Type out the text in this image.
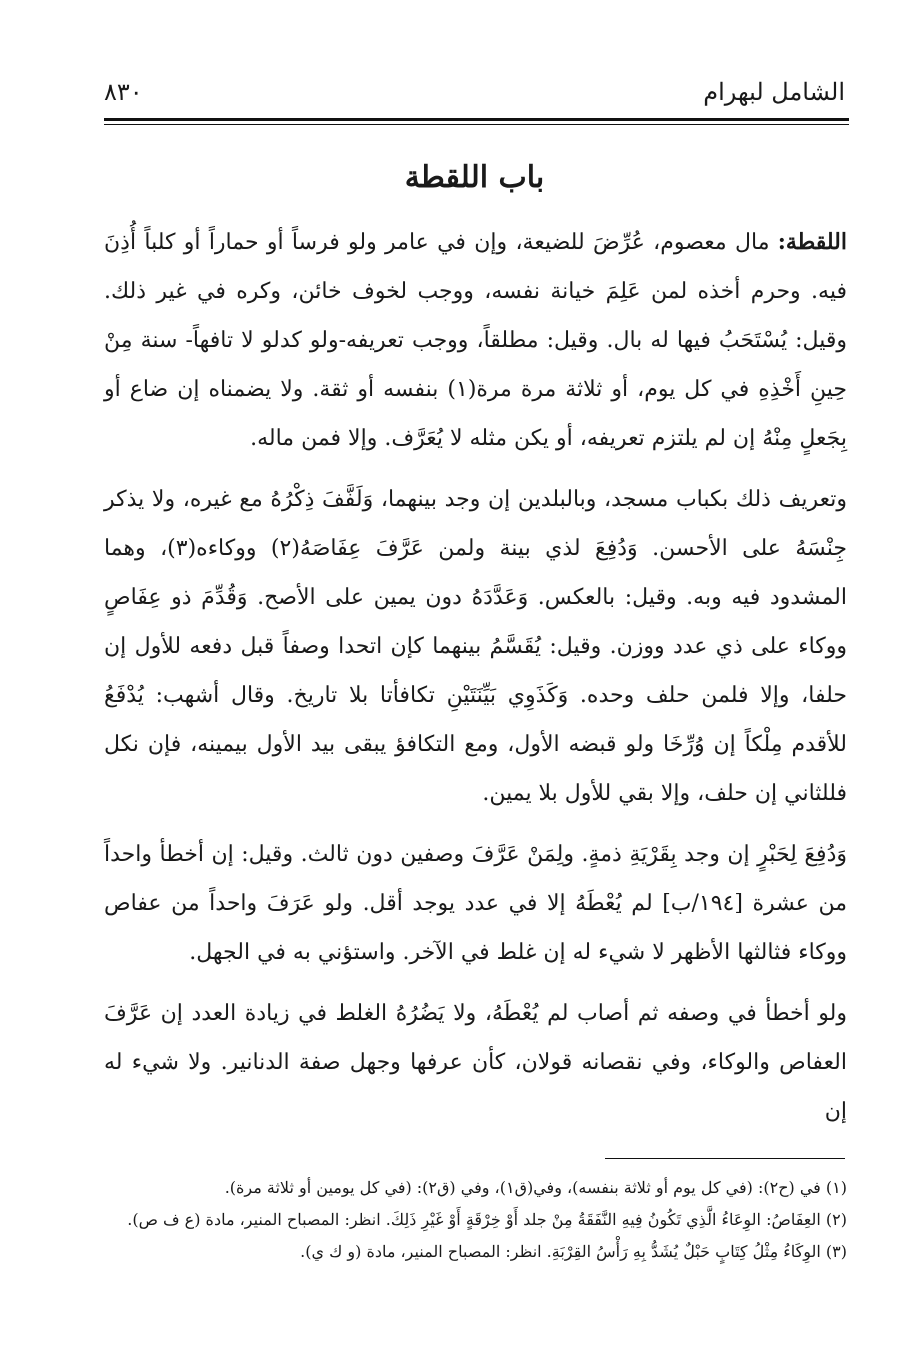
الشامل لبهرام
٨٣٠
باب اللقطة

اللقطة: مال معصوم، عُرِّضَ للضيعة، وإن في عامر ولو فرساً أو حماراً أو كلباً أُذِنَ فيه. وحرم أخذه لمن عَلِمَ خيانة نفسه، ووجب لخوف خائن، وكره في غير ذلك. وقيل: يُسْتَحَبُ فيها له بال. وقيل: مطلقاً، ووجب تعريفه-ولو كدلو لا تافهاً- سنة مِنْ حِينِ أَخْذِهِ في كل يوم، أو ثلاثة مرة مرة(١) بنفسه أو ثقة. ولا يضمناه إن ضاع أو بِجَعلٍ مِنْهُ إن لم يلتزم تعريفه، أو يكن مثله لا يُعَرَّف. وإلا فمن ماله.

وتعريف ذلك بكباب مسجد، وبالبلدين إن وجد بينهما، وَلَفَّفَ ذِكْرُهُ مع غيره، ولا يذكر جِنْسَهُ على الأحسن. وَدُفِعَ لذي بينة ولمن عَرَّفَ عِفَاصَهُ(٢) ووكاءه(٣)، وهما المشدود فيه وبه. وقيل: بالعكس. وَعَدَّدَهُ دون يمين على الأصح. وَقُدِّمَ ذو عِفَاصٍ ووكاء على ذي عدد ووزن. وقيل: يُقَسَّمُ بينهما كإن اتحدا وصفاً قبل دفعه للأول إن حلفا، وإلا فلمن حلف وحده. وَكَذَوِي بَيِّنَتَيْنِ تكافأتا بلا تاريخ. وقال أشهب: يُدْفَعُ للأقدم مِلْكاً إن وُرِّخَا ولو قبضه الأول، ومع التكافؤ يبقى بيد الأول بيمينه، فإن نكل فللثاني إن حلف، وإلا بقي للأول بلا يمين.

وَدُفِعَ لِحَبْرٍ إن وجد بِقَرْيَةِ ذمةٍ. ولِمَنْ عَرَّفَ وصفين دون ثالث. وقيل: إن أخطأ واحداً من عشرة [١٩٤/ب] لم يُعْطَهُ إلا في عدد يوجد أقل. ولو عَرَفَ واحداً من عفاص ووكاء فثالثها الأظهر لا شيء له إن غلط في الآخر. واستؤني به في الجهل.

ولو أخطأ في وصفه ثم أصاب لم يُعْطَهُ، ولا يَضُرُهُ الغلط في زيادة العدد إن عَرَّفَ العفاص والوكاء، وفي نقصانه قولان، كأن عرفها وجهل صفة الدنانير. ولا شيء له إن

(١) في (ح٢): (في كل يوم أو ثلاثة بنفسه)، وفي(ق١)، وفي (ق٢): (في كل يومين أو ثلاثة مرة).
(٢) العِفَاصُ: الوِعَاءُ الَّذِي تَكُونُ فِيهِ النَّفَقَةُ مِنْ جلد أَوْ خِرْقَةٍ أَوْ غَيْرِ ذَلِكَ. انظر: المصباح المنير، مادة (ع ف ص).
(٣) الوِكَاءُ مِثْلُ كِتَابٍ حَبْلٌ يُشَدُّ بِهِ رَأْسُ القِرْبَةِ. انظر: المصباح المنير، مادة (و ك ي).
